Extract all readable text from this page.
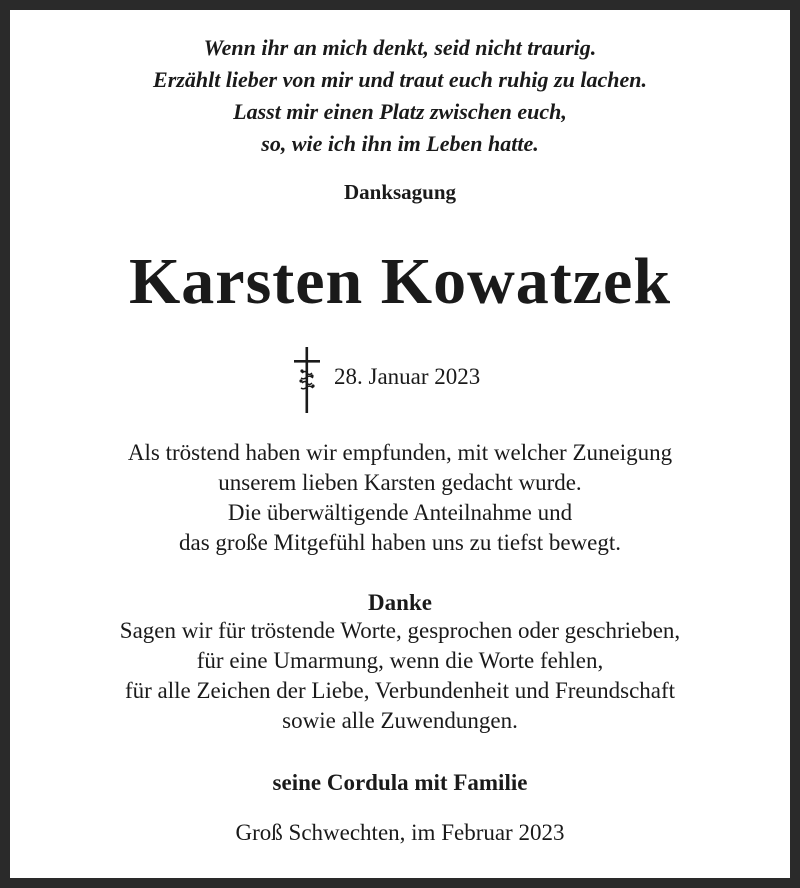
Wenn ihr an mich denkt, seid nicht traurig.
Erzählt lieber von mir und traut euch ruhig zu lachen.
Lasst mir einen Platz zwischen euch,
so, wie ich ihn im Leben hatte.
Danksagung
Karsten Kowatzek
28. Januar 2023
Als tröstend haben wir empfunden, mit welcher Zuneigung
unserem lieben Karsten gedacht wurde.
Die überwältigende Anteilnahme und
das große Mitgefühl haben uns zu tiefst bewegt.
Danke
Sagen wir für tröstende Worte, gesprochen oder geschrieben,
für eine Umarmung, wenn die Worte fehlen,
für alle Zeichen der Liebe, Verbundenheit und Freundschaft
sowie alle Zuwendungen.
seine Cordula mit Familie
Groß Schwechten, im Februar 2023
